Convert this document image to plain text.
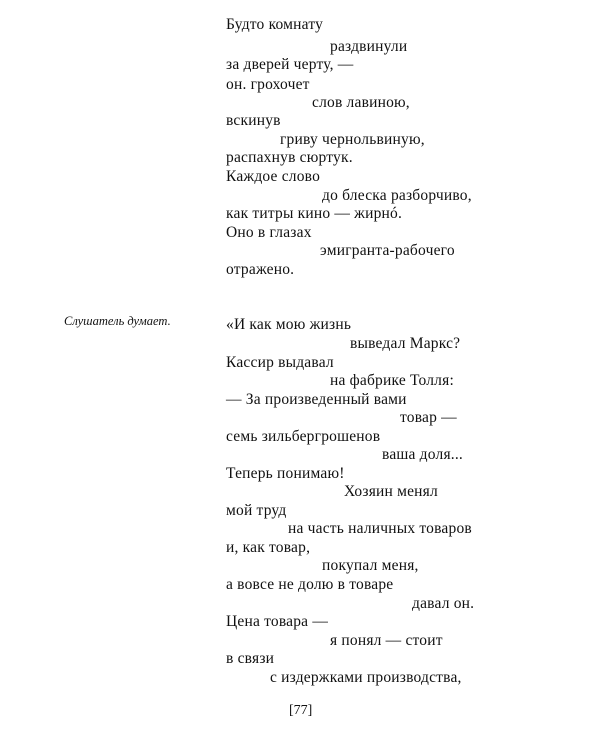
Будто комнату
раздвинули
за дверей черту, —
он. грохочет
слов лавиною,
вскинув
гриву чернольвиную,
распахнув сюртук.
Каждое слово
до блеска разборчиво,
как титры кино — жирнó.
Оно в глазах
эмигранта-рабочего
отражено.
Слушатель думает.	«И как мою жизнь
выведал Маркс?
Кассир выдавал
на фабрике Толля:
— За произведенный вами
товар —
семь зильбергрошенов
ваша доля...
Теперь понимаю!
Хозяин менял
мой труд
на часть наличных товаров
и, как товар,
покупал меня,
а вовсе не долю в товаре
давал он.
Цена товара —
я понял — стоит
в связи
с издержками производства,
[77]
